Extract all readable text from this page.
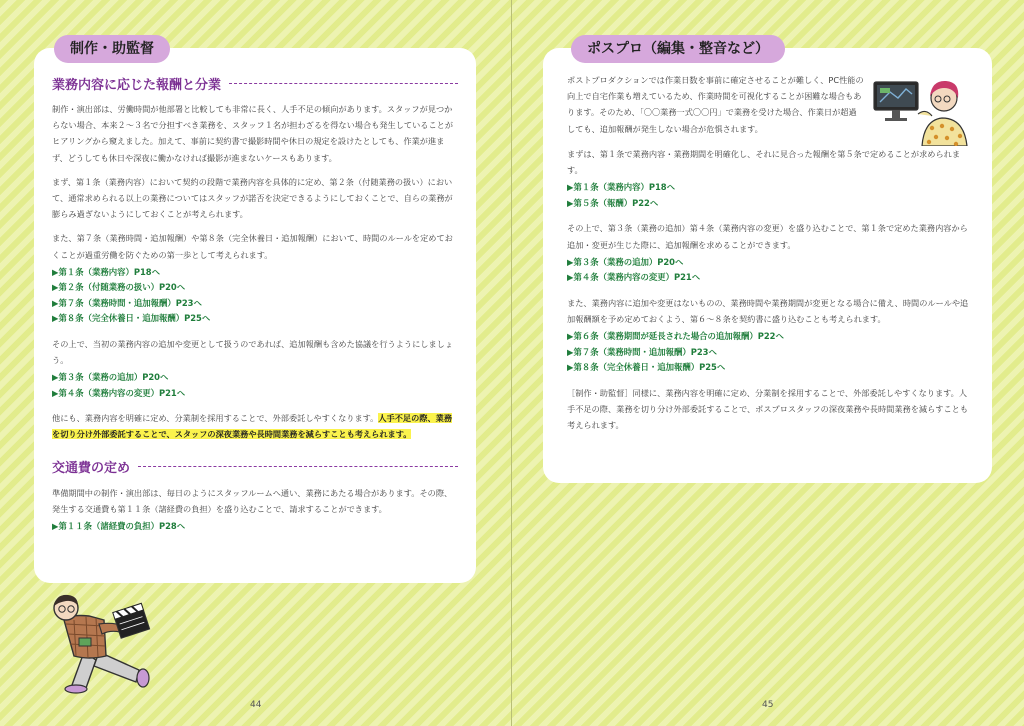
制作・助監督
業務内容に応じた報酬と分業

制作・演出部は、労働時間が他部署と比較しても非常に長く、人手不足の傾向があります。スタッフが見つからない場合、本来２〜３名で分担すべき業務を、スタッフ１名が担わざるを得ない場合も発生していることがヒアリングから窺えました。加えて、事前に契約書で撮影時間や休日の規定を設けたとしても、作業が進まず、どうしても休日や深夜に働かなければ撮影が進まないケースもあります。

まず、第１条（業務内容）において契約の段階で業務内容を具体的に定め、第２条（付随業務の扱い）において、通常求められる以上の業務についてはスタッフが諾否を決定できるようにしておくことで、自らの業務が膨らみ過ぎないようにしておくことが考えられます。

また、第７条（業務時間・追加報酬）や第８条（完全休養日・追加報酬）において、時間のルールを定めておくことが過重労働を防ぐための第一歩として考えられます。

▶第１条（業務内容）P18へ
▶第２条（付随業務の扱い）P20へ
▶第７条（業務時間・追加報酬）P23へ
▶第８条（完全休養日・追加報酬）P25へ

その上で、当初の業務内容の追加や変更として扱うのであれば、追加報酬も含めた協議を行うようにしましょう。

▶第３条（業務の追加）P20へ
▶第４条（業務内容の変更）P21へ

他にも、業務内容を明確に定め、分業制を採用することで、外部委託しやすくなります。人手不足の際、業務を切り分け外部委託することで、スタッフの深夜業務や長時間業務を減らすことも考えられます。

交通費の定め

準備期間中の制作・演出部は、毎日のようにスタッフルームへ通い、業務にあたる場合があります。その際、発生する交通費も第１１条（諸経費の負担）を盛り込むことで、請求することができます。

▶第１１条（諸経費の負担）P28へ
44
ポスプロ（編集・整音など）

ポストプロダクションでは作業日数を事前に確定させることが難しく、PC性能の向上で自宅作業も増えているため、作業時間を可視化することが困難な場合もあります。そのため、「〇〇業務一式〇〇円」で業務を受けた場合、作業日が超過しても、追加報酬が発生しない場合が危惧されます。

まずは、第１条で業務内容・業務期間を明確化し、それに見合った報酬を第５条で定めることが求められます。

▶第１条（業務内容）P18へ
▶第５条（報酬）P22へ

その上で、第３条（業務の追加）第４条（業務内容の変更）を盛り込むことで、第１条で定めた業務内容から追加・変更が生じた際に、追加報酬を求めることができます。

▶第３条（業務の追加）P20へ
▶第４条（業務内容の変更）P21へ

また、業務内容に追加や変更はないものの、業務時間や業務期間が変更となる場合に備え、時間のルールや追加報酬額を予め定めておくよう、第６〜８条を契約書に盛り込むことも考えられます。

▶第６条（業務期間が延長された場合の追加報酬）P22へ
▶第７条（業務時間・追加報酬）P23へ
▶第８条（完全休養日・追加報酬）P25へ

［制作・助監督］同様に、業務内容を明確に定め、分業制を採用することで、外部委託しやすくなります。人手不足の際、業務を切り分け外部委託することで、ポスプロスタッフの深夜業務や長時間業務を減らすことも考えられます。

45
